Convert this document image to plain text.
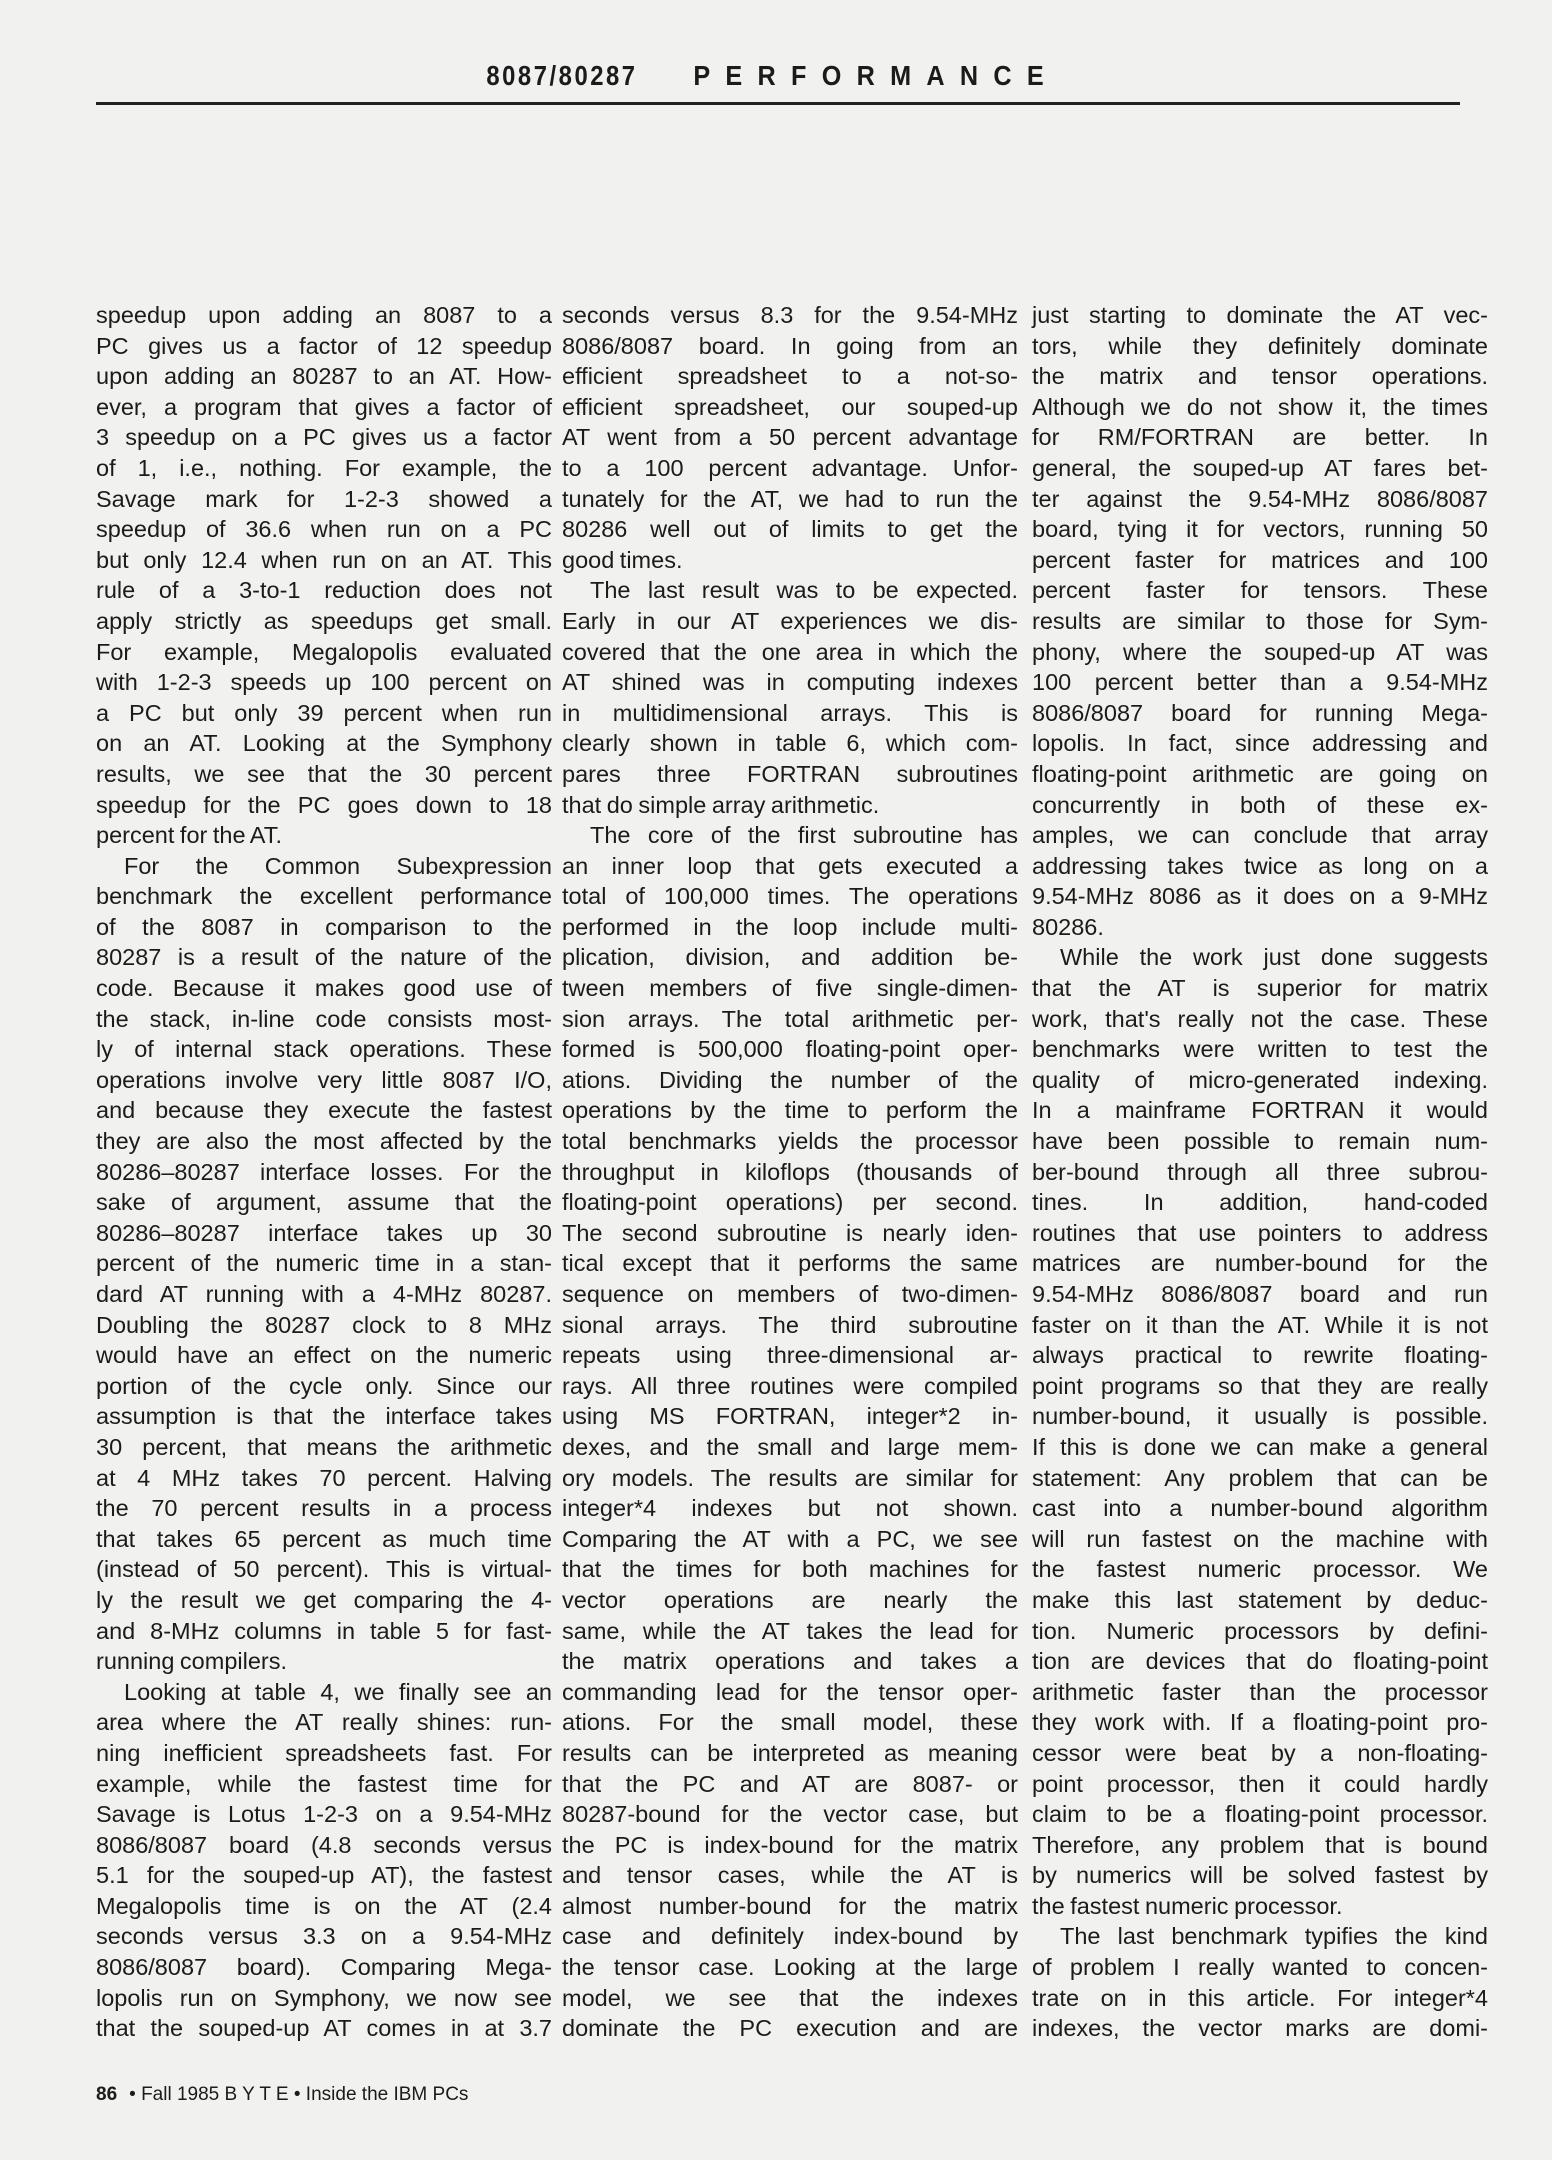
8087/80287 PERFORMANCE
speedup upon adding an 8087 to a
PC gives us a factor of 12 speedup
upon adding an 80287 to an AT. How-
ever, a program that gives a factor of
3 speedup on a PC gives us a factor
of 1, i.e., nothing. For example, the
Savage mark for 1-2-3 showed a
speedup of 36.6 when run on a PC
but only 12.4 when run on an AT. This
rule of a 3-to-1 reduction does not
apply strictly as speedups get small.
For example, Megalopolis evaluated
with 1-2-3 speeds up 100 percent on
a PC but only 39 percent when run
on an AT. Looking at the Symphony
results, we see that the 30 percent
speedup for the PC goes down to 18
percent for the AT.
For the Common Subexpression
benchmark the excellent performance
of the 8087 in comparison to the
80287 is a result of the nature of the
code. Because it makes good use of
the stack, in-line code consists most-
ly of internal stack operations. These
operations involve very little 8087 I/O,
and because they execute the fastest
they are also the most affected by the
80286–80287 interface losses. For the
sake of argument, assume that the
80286–80287 interface takes up 30
percent of the numeric time in a stan-
dard AT running with a 4-MHz 80287.
Doubling the 80287 clock to 8 MHz
would have an effect on the numeric
portion of the cycle only. Since our
assumption is that the interface takes
30 percent, that means the arithmetic
at 4 MHz takes 70 percent. Halving
the 70 percent results in a process
that takes 65 percent as much time
(instead of 50 percent). This is virtual-
ly the result we get comparing the 4-
and 8-MHz columns in table 5 for fast-
running compilers.
Looking at table 4, we finally see an
area where the AT really shines: run-
ning inefficient spreadsheets fast. For
example, while the fastest time for
Savage is Lotus 1-2-3 on a 9.54-MHz
8086/8087 board (4.8 seconds versus
5.1 for the souped-up AT), the fastest
Megalopolis time is on the AT (2.4
seconds versus 3.3 on a 9.54-MHz
8086/8087 board). Comparing Mega-
lopolis run on Symphony, we now see
that the souped-up AT comes in at 3.7
seconds versus 8.3 for the 9.54-MHz
8086/8087 board. In going from an
efficient spreadsheet to a not-so-
efficient spreadsheet, our souped-up
AT went from a 50 percent advantage
to a 100 percent advantage. Unfor-
tunately for the AT, we had to run the
80286 well out of limits to get the
good times.
The last result was to be expected.
Early in our AT experiences we dis-
covered that the one area in which the
AT shined was in computing indexes
in multidimensional arrays. This is
clearly shown in table 6, which com-
pares three FORTRAN subroutines
that do simple array arithmetic.
The core of the first subroutine has
an inner loop that gets executed a
total of 100,000 times. The operations
performed in the loop include multi-
plication, division, and addition be-
tween members of five single-dimen-
sion arrays. The total arithmetic per-
formed is 500,000 floating-point oper-
ations. Dividing the number of the
operations by the time to perform the
total benchmarks yields the processor
throughput in kiloflops (thousands of
floating-point operations) per second.
The second subroutine is nearly iden-
tical except that it performs the same
sequence on members of two-dimen-
sional arrays. The third subroutine
repeats using three-dimensional ar-
rays. All three routines were compiled
using MS FORTRAN, integer*2 in-
dexes, and the small and large mem-
ory models. The results are similar for
integer*4 indexes but not shown.
Comparing the AT with a PC, we see
that the times for both machines for
vector operations are nearly the
same, while the AT takes the lead for
the matrix operations and takes a
commanding lead for the tensor oper-
ations. For the small model, these
results can be interpreted as meaning
that the PC and AT are 8087- or
80287-bound for the vector case, but
the PC is index-bound for the matrix
and tensor cases, while the AT is
almost number-bound for the matrix
case and definitely index-bound by
the tensor case. Looking at the large
model, we see that the indexes
dominate the PC execution and are
just starting to dominate the AT vec-
tors, while they definitely dominate
the matrix and tensor operations.
Although we do not show it, the times
for RM/FORTRAN are better. In
general, the souped-up AT fares bet-
ter against the 9.54-MHz 8086/8087
board, tying it for vectors, running 50
percent faster for matrices and 100
percent faster for tensors. These
results are similar to those for Sym-
phony, where the souped-up AT was
100 percent better than a 9.54-MHz
8086/8087 board for running Mega-
lopolis. In fact, since addressing and
floating-point arithmetic are going on
concurrently in both of these ex-
amples, we can conclude that array
addressing takes twice as long on a
9.54-MHz 8086 as it does on a 9-MHz
80286.
While the work just done suggests
that the AT is superior for matrix
work, that's really not the case. These
benchmarks were written to test the
quality of micro-generated indexing.
In a mainframe FORTRAN it would
have been possible to remain num-
ber-bound through all three subrou-
tines. In addition, hand-coded
routines that use pointers to address
matrices are number-bound for the
9.54-MHz 8086/8087 board and run
faster on it than the AT. While it is not
always practical to rewrite floating-
point programs so that they are really
number-bound, it usually is possible.
If this is done we can make a general
statement: Any problem that can be
cast into a number-bound algorithm
will run fastest on the machine with
the fastest numeric processor. We
make this last statement by deduc-
tion. Numeric processors by defini-
tion are devices that do floating-point
arithmetic faster than the processor
they work with. If a floating-point pro-
cessor were beat by a non-floating-
point processor, then it could hardly
claim to be a floating-point processor.
Therefore, any problem that is bound
by numerics will be solved fastest by
the fastest numeric processor.
The last benchmark typifies the kind
of problem I really wanted to concen-
trate on in this article. For integer*4
indexes, the vector marks are domi-
86 • Fall 1985 B Y T E • Inside the IBM PCs
